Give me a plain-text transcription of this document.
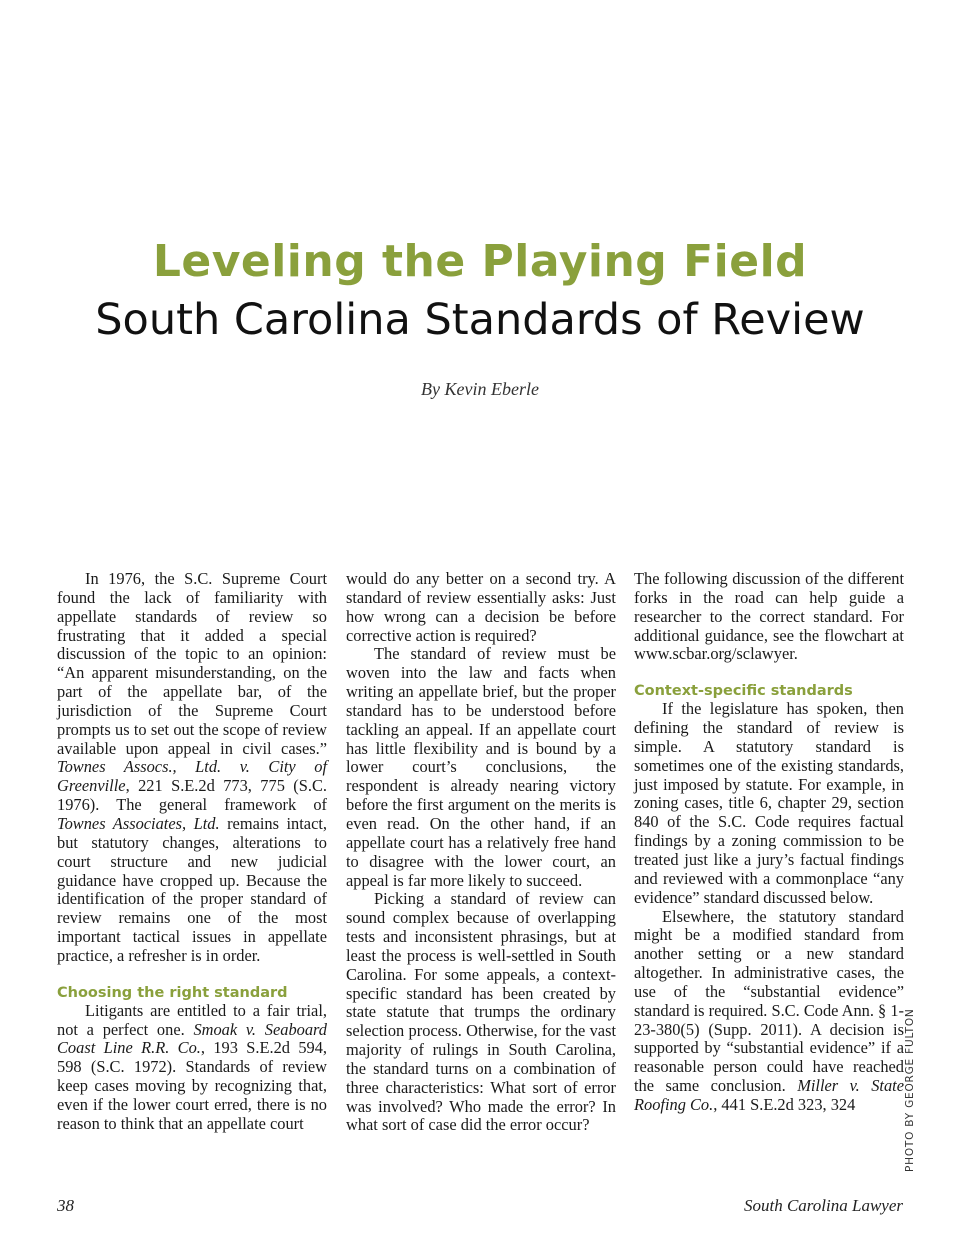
Leveling the Playing Field
South Carolina Standards of Review
By Kevin Eberle

In 1976, the S.C. Supreme Court found the lack of familiarity with appellate standards of review so frustrating that it added a special discussion of the topic to an opinion: “An apparent misunderstanding, on the part of the appellate bar, of the jurisdiction of the Supreme Court prompts us to set out the scope of review available upon appeal in civil cases.” Townes Assocs., Ltd. v. City of Greenville, 221 S.E.2d 773, 775 (S.C. 1976). The general framework of Townes Associates, Ltd. remains intact, but statutory changes, alterations to court structure and new judicial guidance have cropped up. Because the identification of the proper standard of review remains one of the most important tactical issues in appellate practice, a refresher is in order.

Choosing the right standard

Litigants are entitled to a fair trial, not a perfect one. Smoak v. Seaboard Coast Line R.R. Co., 193 S.E.2d 594, 598 (S.C. 1972). Standards of review keep cases moving by recognizing that, even if the lower court erred, there is no reason to think that an appellate court

would do any better on a second try. A standard of review essentially asks: Just how wrong can a decision be before corrective action is required?

The standard of review must be woven into the law and facts when writing an appellate brief, but the proper standard has to be understood before tackling an appeal. If an appellate court has little flexibility and is bound by a lower court’s conclusions, the respondent is already nearing victory before the first argument on the merits is even read. On the other hand, if an appellate court has a relatively free hand to disagree with the lower court, an appeal is far more likely to succeed.

Picking a standard of review can sound complex because of overlapping tests and inconsistent phrasings, but at least the process is well-settled in South Carolina. For some appeals, a context-specific standard has been created by state statute that trumps the ordinary selection process. Otherwise, for the vast majority of rulings in South Carolina, the standard turns on a combination of three characteristics: What sort of error was involved? Who made the error? In what sort of case did the error occur?

The following discussion of the different forks in the road can help guide a researcher to the correct standard. For additional guidance, see the flowchart at www.scbar.org/sclawyer.

Context-specific standards

If the legislature has spoken, then defining the standard of review is simple. A statutory standard is sometimes one of the existing standards, just imposed by statute. For example, in zoning cases, title 6, chapter 29, section 840 of the S.C. Code requires factual findings by a zoning commission to be treated just like a jury’s factual findings and reviewed with a commonplace “any evidence” standard discussed below.

Elsewhere, the statutory standard might be a modified standard from another setting or a new standard altogether. In administrative cases, the use of the “substantial evidence” standard is required. S.C. Code Ann. § 1-23-380(5) (Supp. 2011). A decision is supported by “substantial evidence” if a reasonable person could have reached the same conclusion. Miller v. State Roofing Co., 441 S.E.2d 323, 324	PHOTO BY GEORGE FULTON
38	South Carolina Lawyer
